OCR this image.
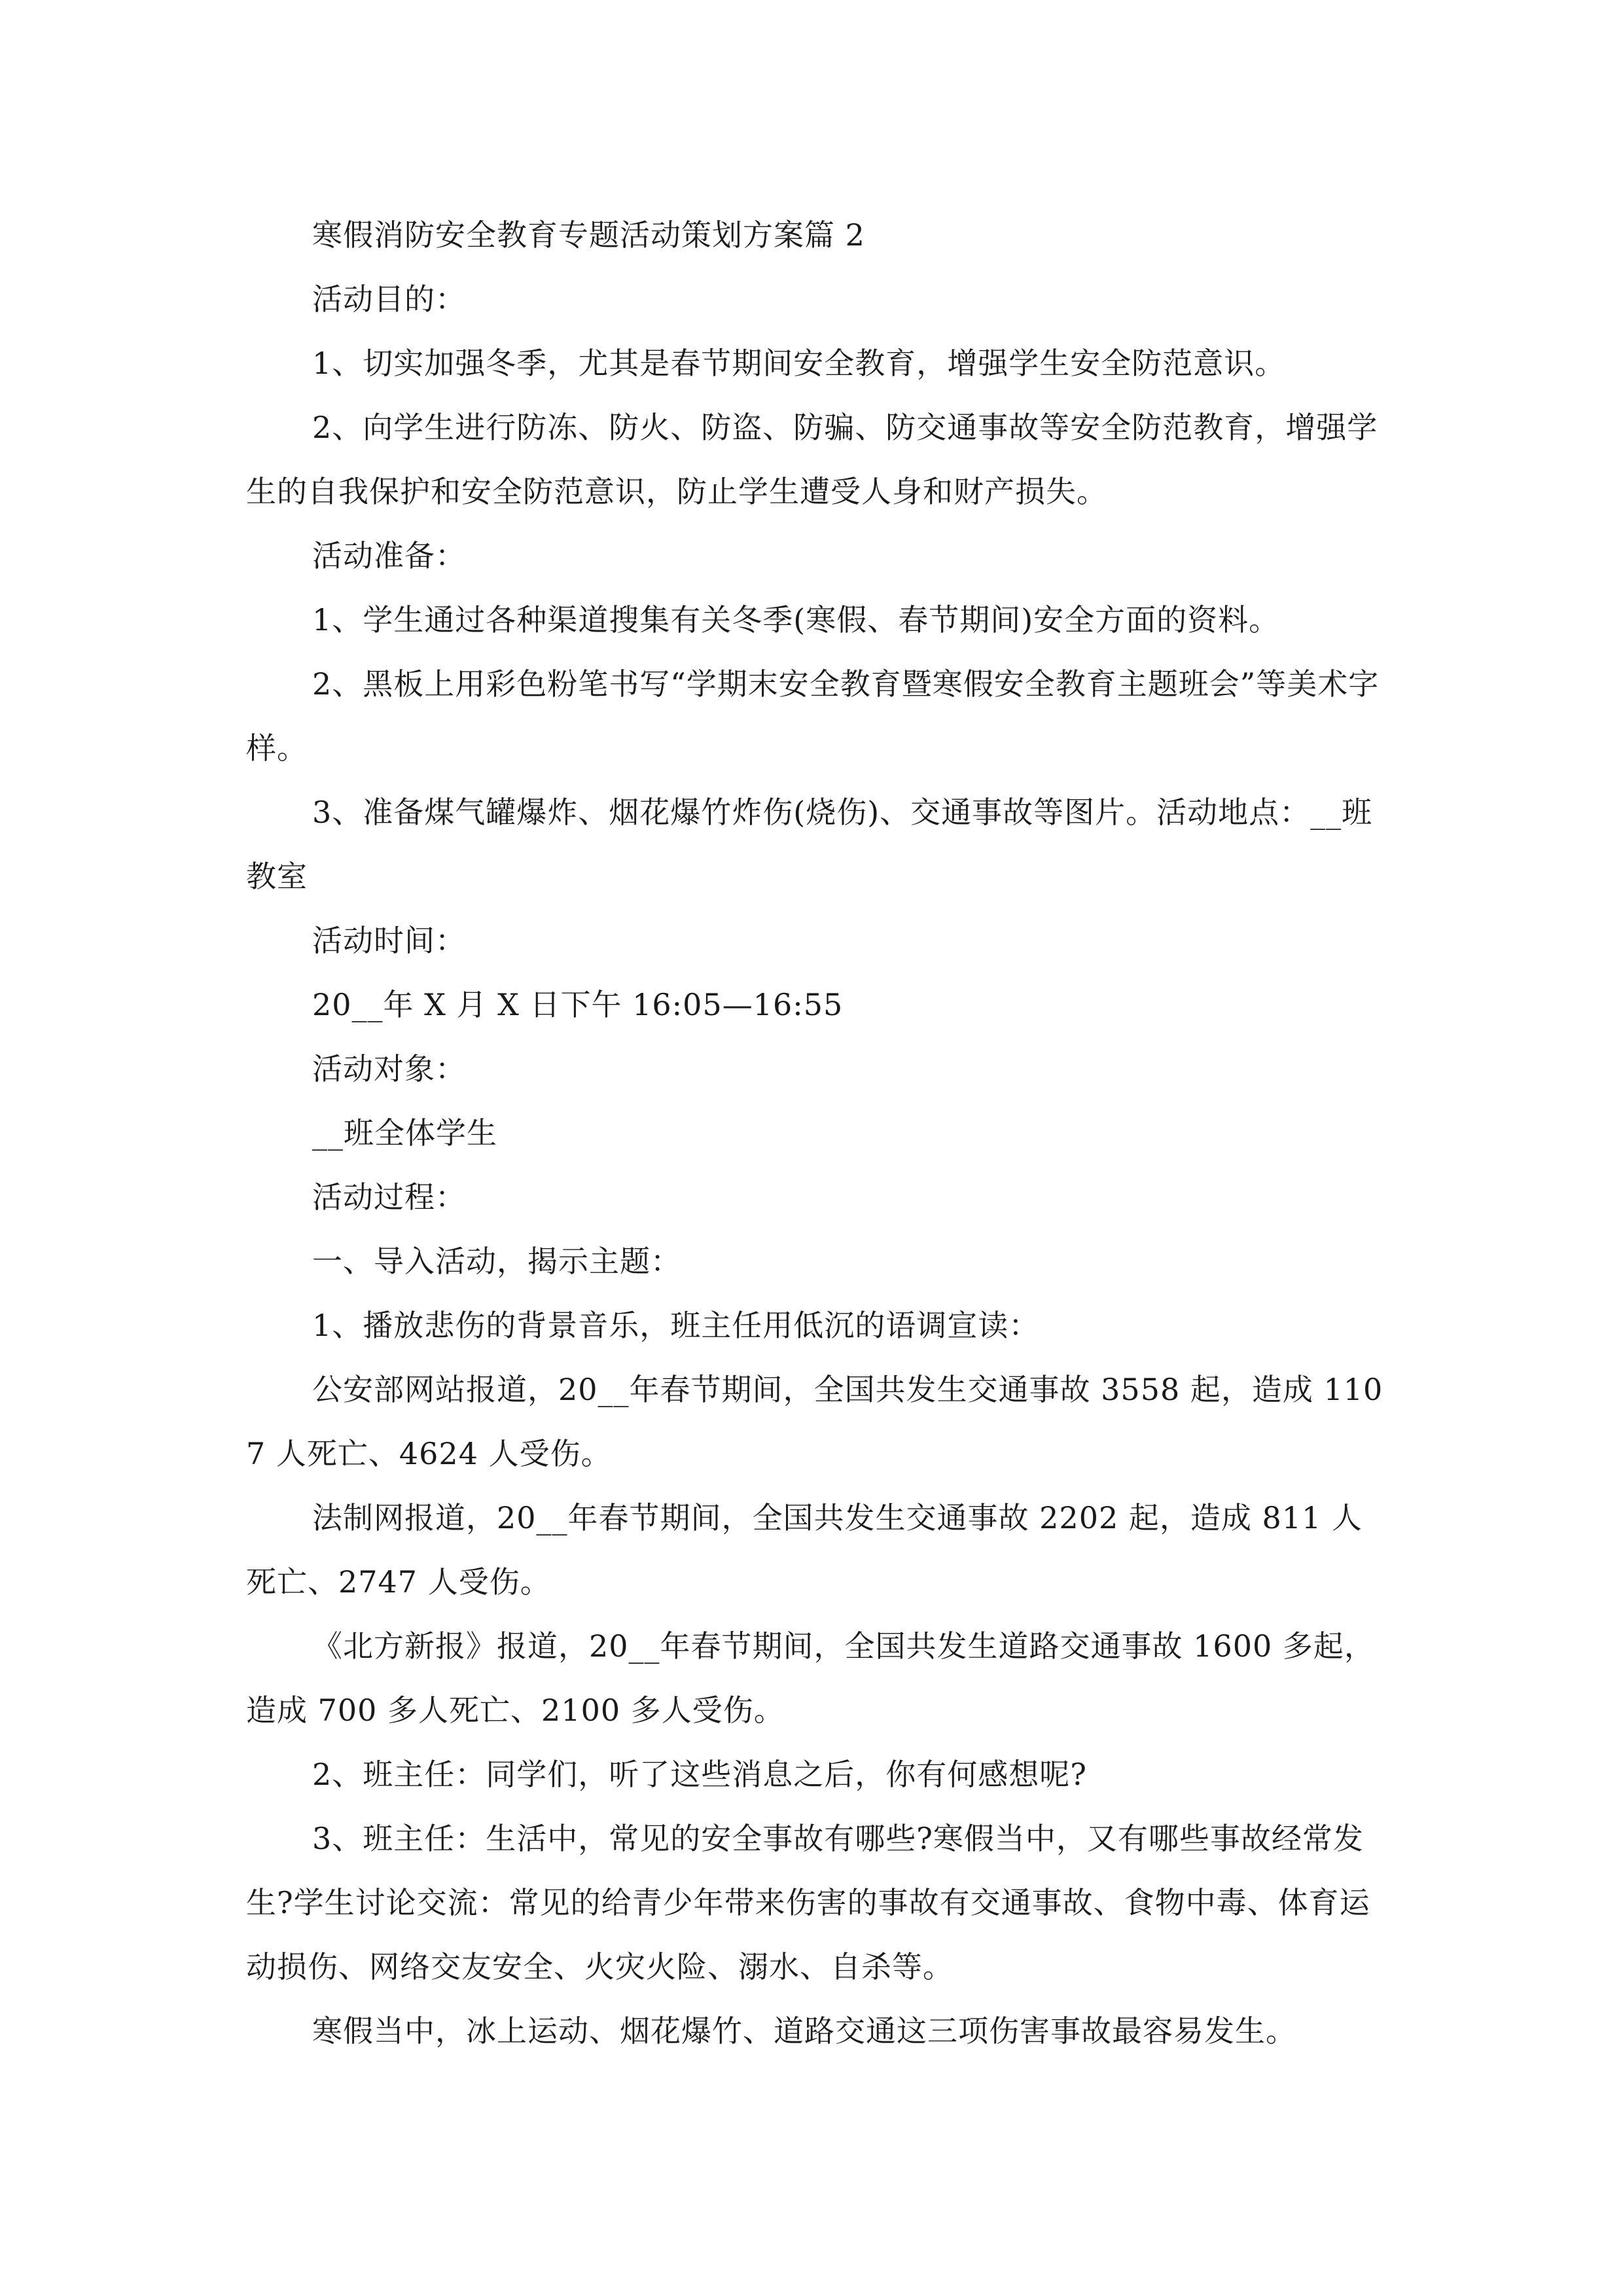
寒假消防安全教育专题活动策划方案篇 2

活动目的：

1、切实加强冬季，尤其是春节期间安全教育，增强学生安全防范意识。

2、向学生进行防冻、防火、防盗、防骗、防交通事故等安全防范教育，增强学生的自我保护和安全防范意识，防止学生遭受人身和财产损失。

活动准备：

1、学生通过各种渠道搜集有关冬季(寒假、春节期间)安全方面的资料。

2、黑板上用彩色粉笔书写“学期末安全教育暨寒假安全教育主题班会”等美术字样。

3、准备煤气罐爆炸、烟花爆竹炸伤(烧伤)、交通事故等图片。活动地点：__班教室

活动时间：

20__年 X 月 X 日下午 16:05—16:55

活动对象：

__班全体学生

活动过程：

一、导入活动，揭示主题：

1、播放悲伤的背景音乐，班主任用低沉的语调宣读：

公安部网站报道，20__年春节期间，全国共发生交通事故 3558 起，造成 1107 人死亡、4624 人受伤。

法制网报道，20__年春节期间，全国共发生交通事故 2202 起，造成 811 人死亡、2747 人受伤。

《北方新报》报道，20__年春节期间，全国共发生道路交通事故 1600 多起，造成 700 多人死亡、2100 多人受伤。

2、班主任：同学们，听了这些消息之后，你有何感想呢?

3、班主任：生活中，常见的安全事故有哪些?寒假当中，又有哪些事故经常发生?学生讨论交流：常见的给青少年带来伤害的事故有交通事故、食物中毒、体育运动损伤、网络交友安全、火灾火险、溺水、自杀等。

寒假当中，冰上运动、烟花爆竹、道路交通这三项伤害事故最容易发生。
